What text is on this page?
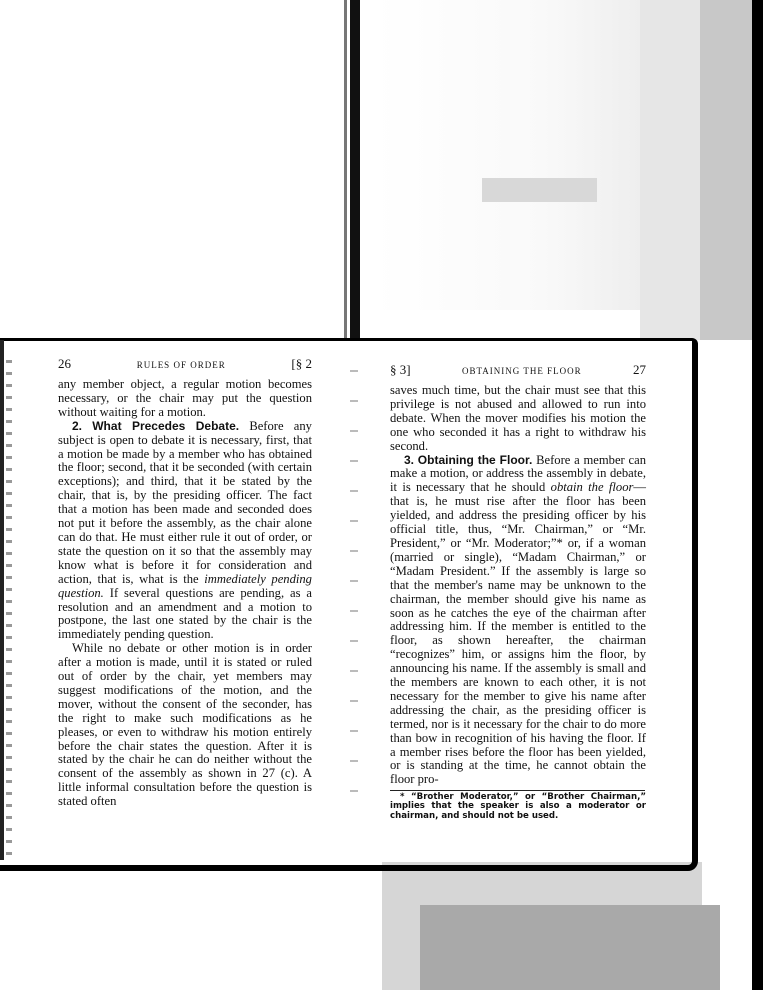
26	RULES OF ORDER	[§ 2

any member object, a regular motion becomes necessary, or the chair may put the question without waiting for a motion.

2. What Precedes Debate. Before any subject is open to debate it is necessary, first, that a motion be made by a member who has obtained the floor; second, that it be seconded (with certain exceptions); and third, that it be stated by the chair, that is, by the presiding officer. The fact that a motion has been made and seconded does not put it before the assembly, as the chair alone can do that. He must either rule it out of order, or state the question on it so that the assembly may know what is before it for consideration and action, that is, what is the immediately pending question. If several questions are pending, as a resolution and an amendment and a motion to postpone, the last one stated by the chair is the immediately pending question.

While no debate or other motion is in order after a motion is made, until it is stated or ruled out of order by the chair, yet members may suggest modifications of the motion, and the mover, without the consent of the seconder, has the right to make such modifications as he pleases, or even to withdraw his motion entirely before the chair states the question. After it is stated by the chair he can do neither without the consent of the assembly as shown in 27 (c). A little informal consultation before the question is stated often

§ 3]	OBTAINING THE FLOOR	27

saves much time, but the chair must see that this privilege is not abused and allowed to run into debate. When the mover modifies his motion the one who seconded it has a right to withdraw his second.

3. Obtaining the Floor. Before a member can make a motion, or address the assembly in debate, it is necessary that he should obtain the floor—that is, he must rise after the floor has been yielded, and address the presiding officer by his official title, thus, “Mr. Chairman,” or “Mr. President,” or “Mr. Moderator;”* or, if a woman (married or single), “Madam Chairman,” or “Madam President.” If the assembly is large so that the member's name may be unknown to the chairman, the member should give his name as soon as he catches the eye of the chairman after addressing him. If the member is entitled to the floor, as shown hereafter, the chairman “recognizes” him, or assigns him the floor, by announcing his name. If the assembly is small and the members are known to each other, it is not necessary for the member to give his name after addressing the chair, as the presiding officer is termed, nor is it necessary for the chair to do more than bow in recognition of his having the floor. If a member rises before the floor has been yielded, or is standing at the time, he cannot obtain the floor pro-

* “Brother Moderator,” or “Brother Chairman,” implies that the speaker is also a moderator or chairman, and should not be used.
